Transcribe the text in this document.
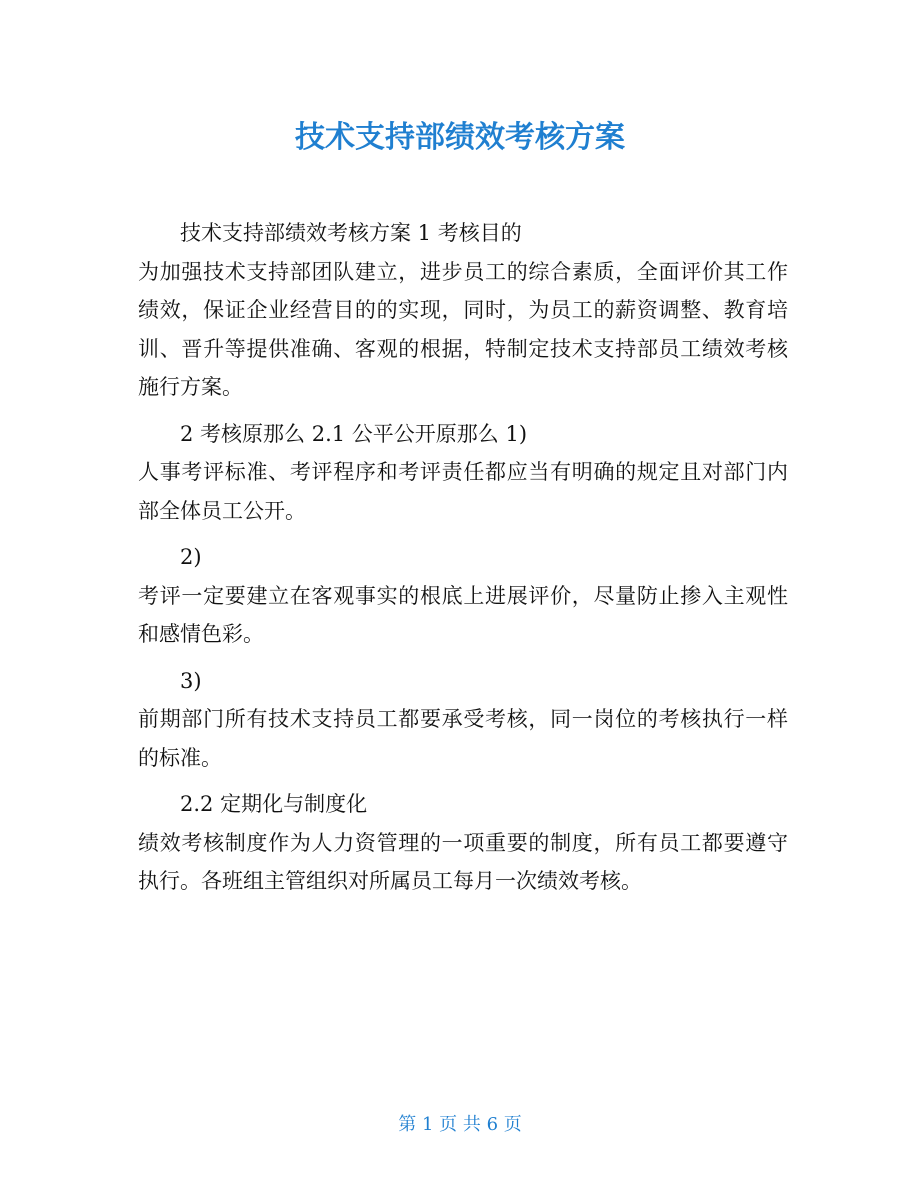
技术支持部绩效考核方案

技术支持部绩效考核方案 1 考核目的

为加强技术支持部团队建立，进步员工的综合素质，全面评价其工作绩效，保证企业经营目的的实现，同时，为员工的薪资调整、教育培训、晋升等提供准确、客观的根据，特制定技术支持部员工绩效考核施行方案。

2 考核原那么 2.1 公平公开原那么 1)

人事考评标准、考评程序和考评责任都应当有明确的规定且对部门内部全体员工公开。

2)

考评一定要建立在客观事实的根底上进展评价，尽量防止掺入主观性和感情色彩。

3)

前期部门所有技术支持员工都要承受考核，同一岗位的考核执行一样的标准。

2.2 定期化与制度化

绩效考核制度作为人力资管理的一项重要的制度，所有员工都要遵守执行。各班组主管组织对所属员工每月一次绩效考核。

第 1 页 共 6 页
